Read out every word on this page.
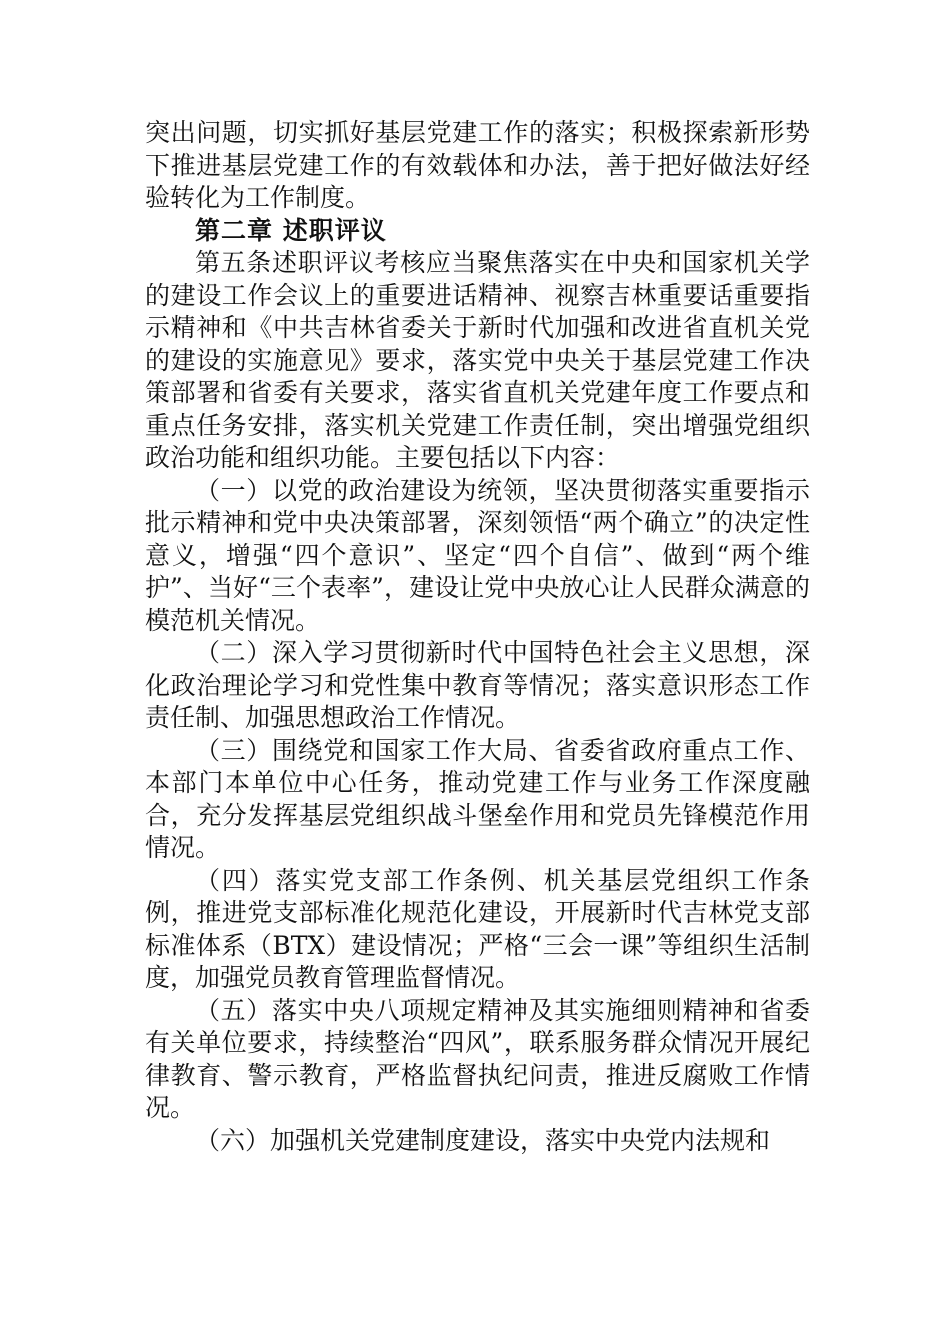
突出问题，切实抓好基层党建工作的落实；积极探索新形势下推进基层党建工作的有效载体和办法，善于把好做法好经验转化为工作制度。

第二章 述职评议

第五条述职评议考核应当聚焦落实在中央和国家机关学的建设工作会议上的重要进话精神、视察吉林重要话重要指示精神和《中共吉林省委关于新时代加强和改进省直机关党的建设的实施意见》要求，落实党中央关于基层党建工作决策部署和省委有关要求，落实省直机关党建年度工作要点和重点任务安排，落实机关党建工作责任制，突出增强党组织政治功能和组织功能。主要包括以下内容：

（一）以党的政治建设为统领，坚决贯彻落实重要指示批示精神和党中央决策部署，深刻领悟“两个确立”的决定性意义，增强“四个意识”、坚定“四个自信”、做到“两个维护”、当好“三个表率”，建设让党中央放心让人民群众满意的模范机关情况。

（二）深入学习贯彻新时代中国特色社会主义思想，深化政治理论学习和党性集中教育等情况；落实意识形态工作责任制、加强思想政治工作情况。

（三）围绕党和国家工作大局、省委省政府重点工作、本部门本单位中心任务，推动党建工作与业务工作深度融合，充分发挥基层党组织战斗堡垒作用和党员先锋模范作用情况。

（四）落实党支部工作条例、机关基层党组织工作条例，推进党支部标准化规范化建设，开展新时代吉林党支部标准体系（BTX）建设情况；严格“三会一课”等组织生活制度，加强党员教育管理监督情况。

（五）落实中央八项规定精神及其实施细则精神和省委有关单位要求，持续整治“四风”，联系服务群众情况开展纪律教育、警示教育，严格监督执纪问责，推进反腐败工作情况。

（六）加强机关党建制度建设，落实中央党内法规和
